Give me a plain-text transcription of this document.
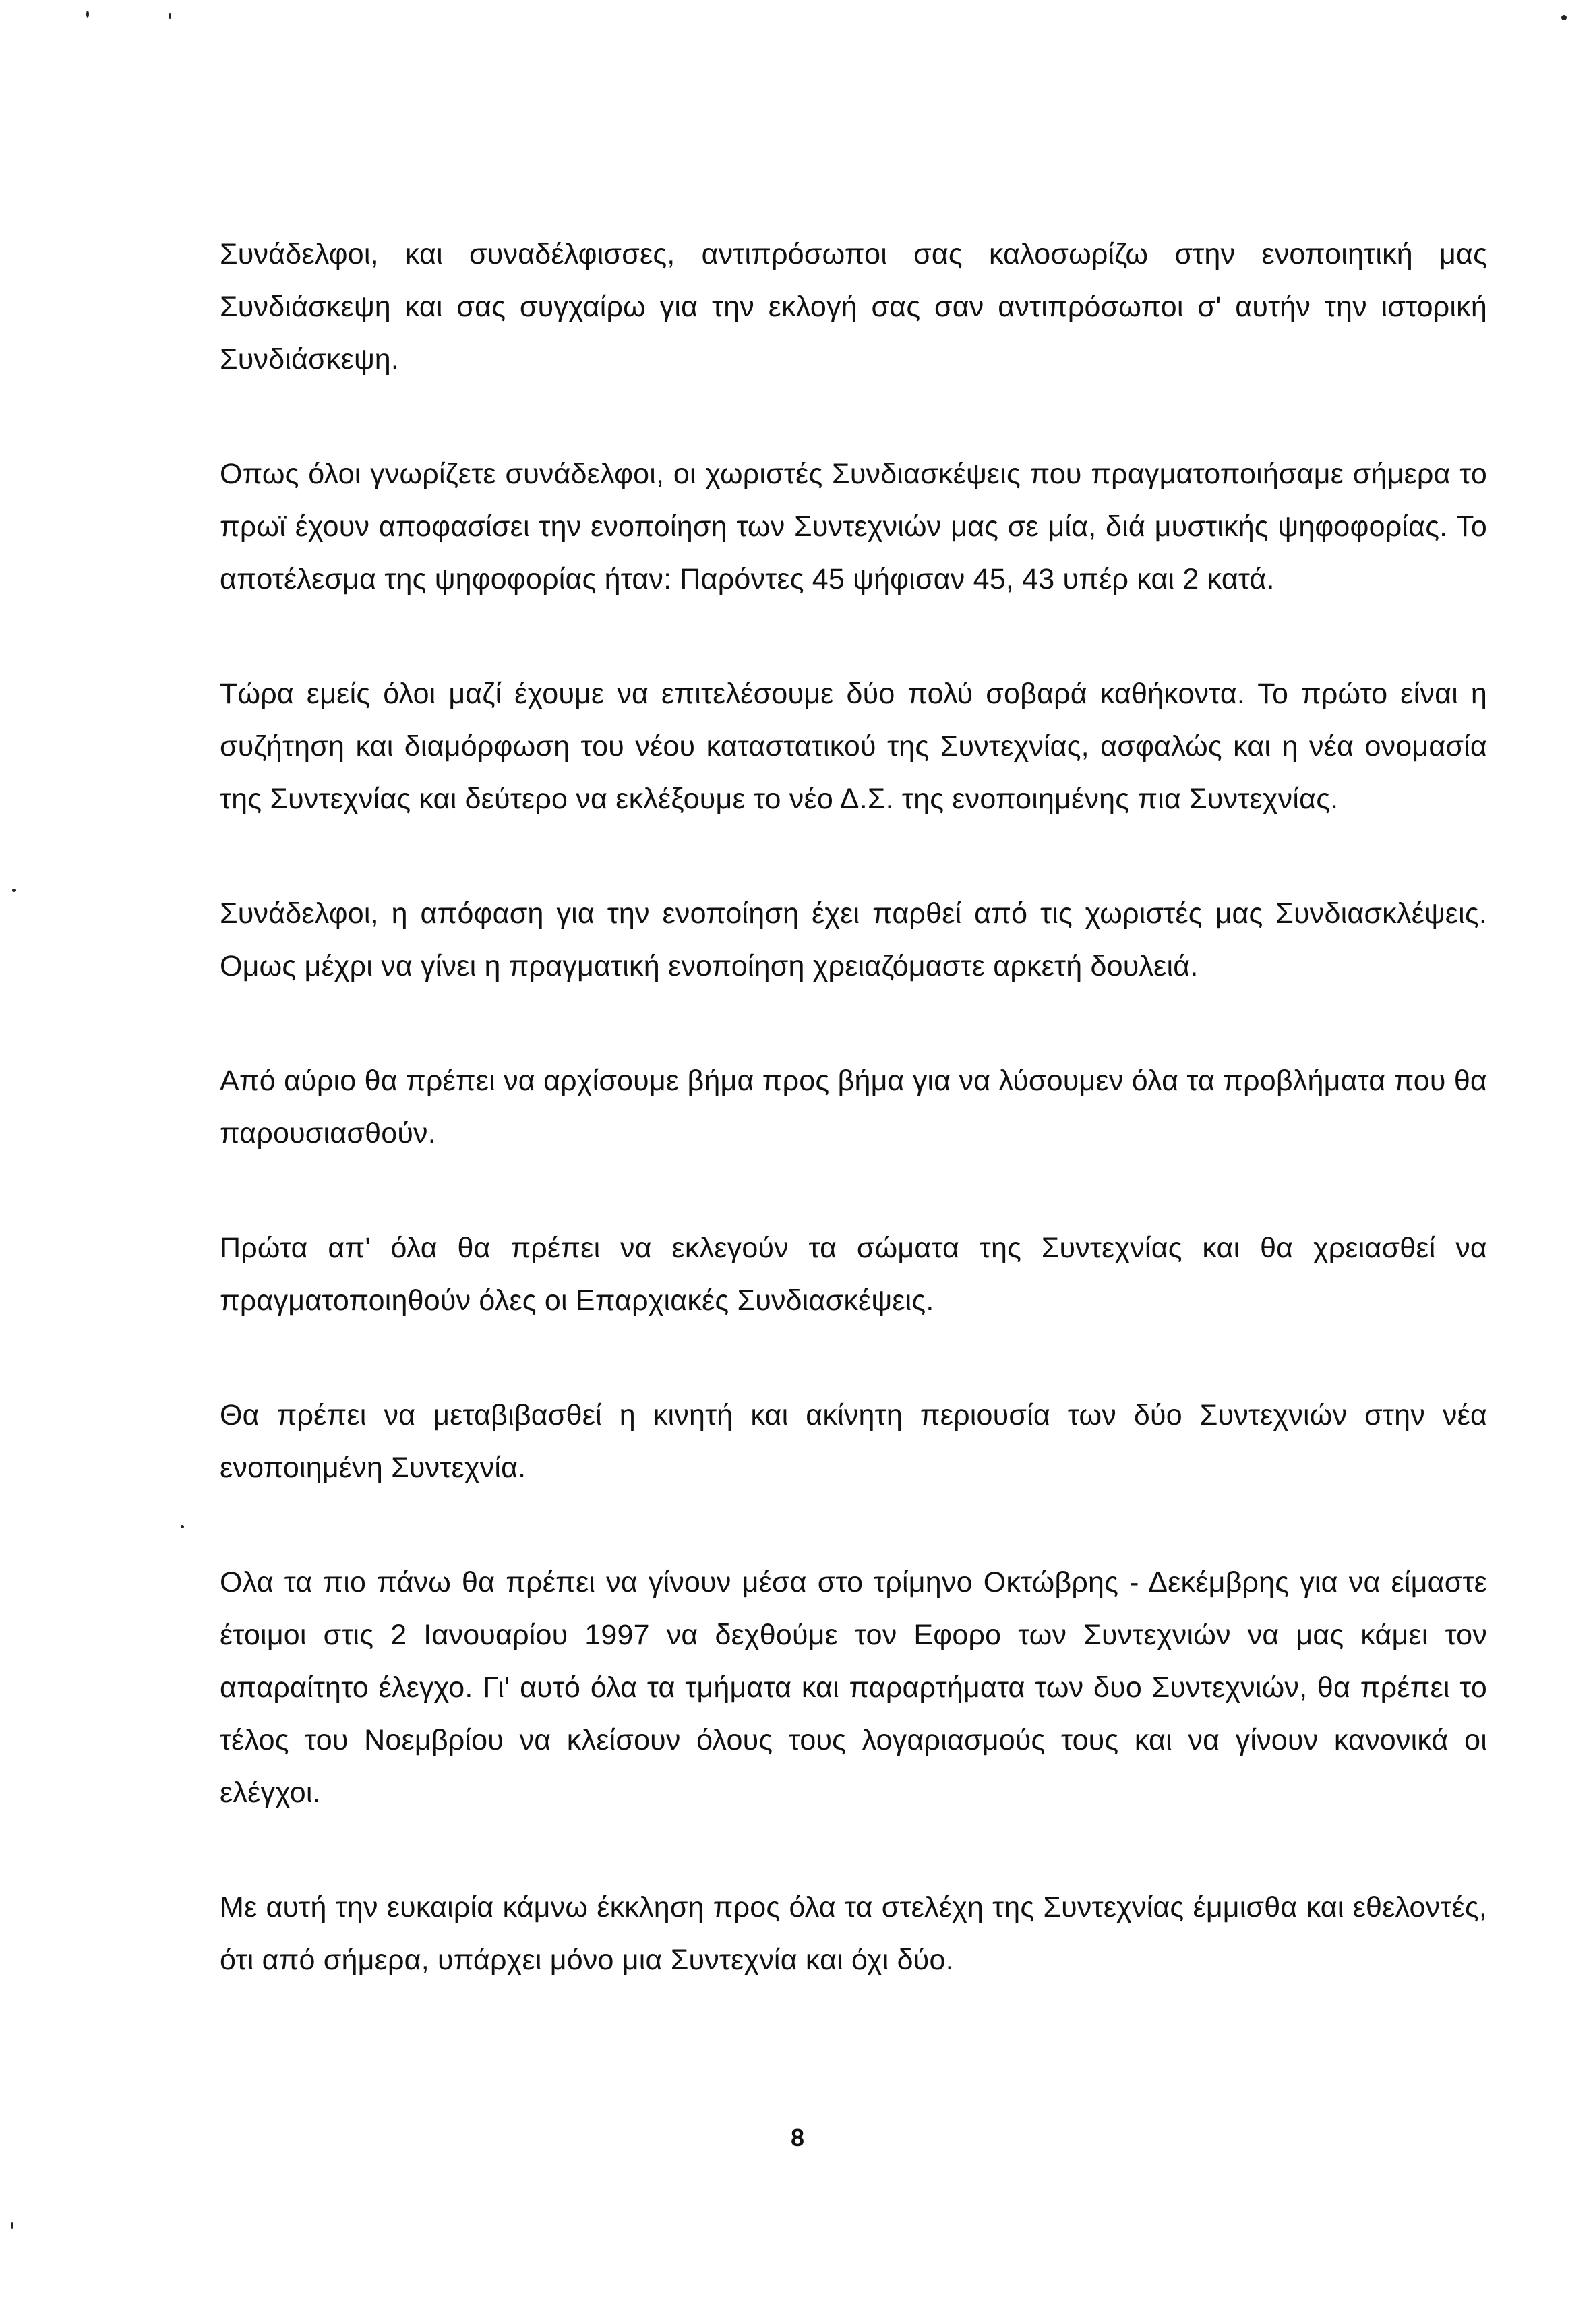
Συνάδελφοι, και συναδέλφισσες, αντιπρόσωποι σας καλοσωρίζω στην ενοποιητική μας Συνδιάσκεψη και σας συγχαίρω για την εκλογή σας σαν αντιπρόσωποι σ' αυτήν την ιστορική Συνδιάσκεψη.

Οπως όλοι γνωρίζετε συνάδελφοι, οι χωριστές Συνδιασκέψεις που πραγματοποιήσαμε σήμερα το πρωϊ έχουν αποφασίσει την ενοποίηση των Συντεχνιών μας σε μία, διά μυστικής ψηφοφορίας. Το αποτέλεσμα της ψηφοφορίας ήταν: Παρόντες 45 ψήφισαν 45, 43 υπέρ και 2 κατά.

Τώρα εμείς όλοι μαζί έχουμε να επιτελέσουμε δύο πολύ σοβαρά καθήκοντα. Το πρώτο είναι η συζήτηση και διαμόρφωση του νέου καταστατικού της Συντεχνίας, ασφαλώς και η νέα ονομασία της Συντεχνίας και δεύτερο να εκλέξουμε το νέο Δ.Σ. της ενοποιημένης πια Συντεχνίας.

Συνάδελφοι, η απόφαση για την ενοποίηση έχει παρθεί από τις χωριστές μας Συνδιασκλέψεις. Ομως μέχρι να γίνει η πραγματική ενοποίηση χρειαζόμαστε αρκετή δουλειά.

Από αύριο θα πρέπει να αρχίσουμε βήμα προς βήμα για να λύσουμεν όλα τα προβλήματα που θα παρουσιασθούν.

Πρώτα απ' όλα θα πρέπει να εκλεγούν τα σώματα της Συντεχνίας και θα χρειασθεί να πραγματοποιηθούν όλες οι Επαρχιακές Συνδιασκέψεις.

Θα πρέπει να μεταβιβασθεί η κινητή και ακίνητη περιουσία των δύο Συντεχνιών στην νέα ενοποιημένη Συντεχνία.

Ολα τα πιο πάνω θα πρέπει να γίνουν μέσα στο τρίμηνο Οκτώβρης - Δεκέμβρης για να είμαστε έτοιμοι στις 2 Ιανουαρίου 1997 να δεχθούμε τον Εφορο των Συντεχνιών να μας κάμει τον απαραίτητο έλεγχο. Γι' αυτό όλα τα τμήματα και παραρτήματα των δυο Συντεχνιών, θα πρέπει το τέλος του Νοεμβρίου να κλείσουν όλους τους λογαριασμούς τους και να γίνουν κανονικά οι ελέγχοι.

Με αυτή την ευκαιρία κάμνω έκκληση προς όλα τα στελέχη της Συντεχνίας έμμισθα και εθελοντές, ότι από σήμερα, υπάρχει μόνο μια Συντεχνία και όχι δύο.

8
